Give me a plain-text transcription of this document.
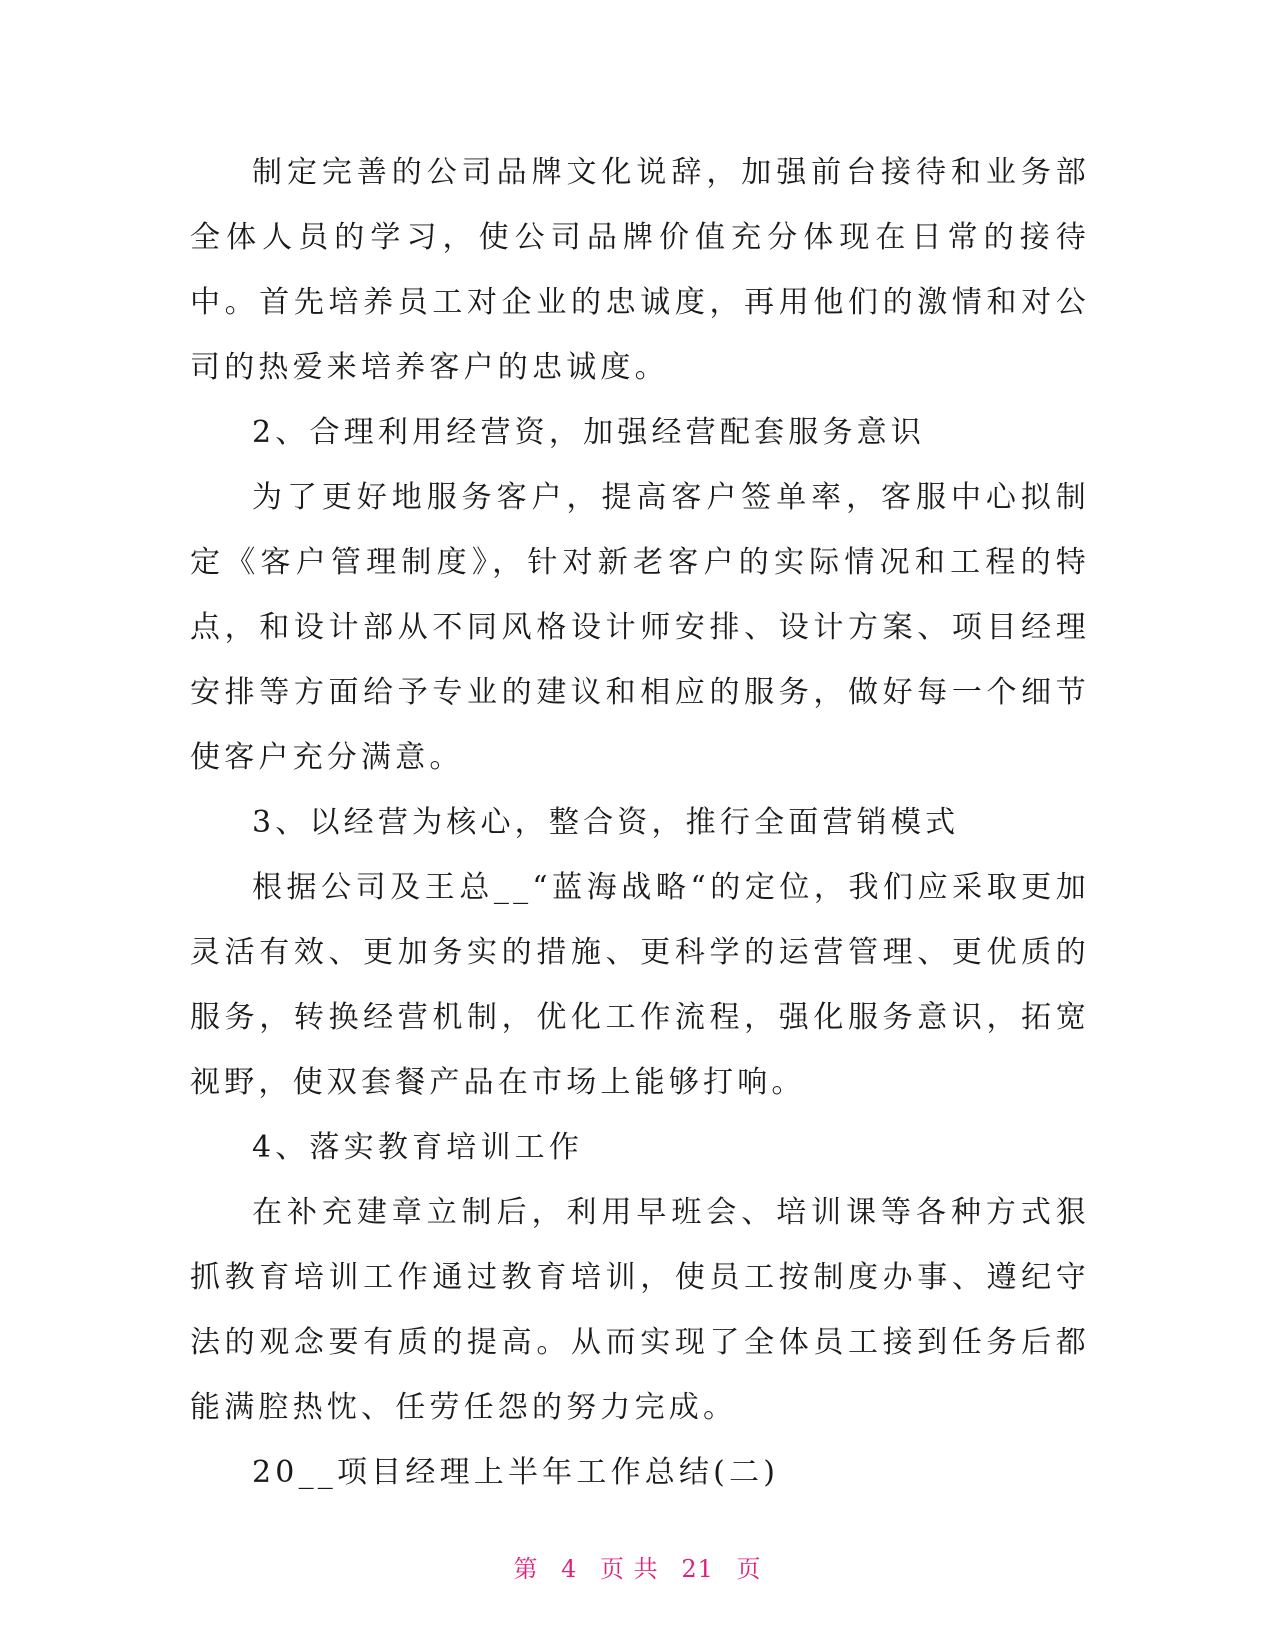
制定完善的公司品牌文化说辞，加强前台接待和业务部全体人员的学习，使公司品牌价值充分体现在日常的接待中。首先培养员工对企业的忠诚度，再用他们的激情和对公司的热爱来培养客户的忠诚度。

2、合理利用经营资，加强经营配套服务意识

为了更好地服务客户，提高客户签单率，客服中心拟制定《客户管理制度》，针对新老客户的实际情况和工程的特点，和设计部从不同风格设计师安排、设计方案、项目经理安排等方面给予专业的建议和相应的服务，做好每一个细节使客户充分满意。

3、以经营为核心，整合资，推行全面营销模式

根据公司及王总__“蓝海战略“的定位，我们应采取更加灵活有效、更加务实的措施、更科学的运营管理、更优质的服务，转换经营机制，优化工作流程，强化服务意识，拓宽视野，使双套餐产品在市场上能够打响。

4、落实教育培训工作

在补充建章立制后，利用早班会、培训课等各种方式狠抓教育培训工作通过教育培训，使员工按制度办事、遵纪守法的观念要有质的提高。从而实现了全体员工接到任务后都能满腔热忱、任劳任怨的努力完成。

20__项目经理上半年工作总结(二)

第 4 页 共 21 页
